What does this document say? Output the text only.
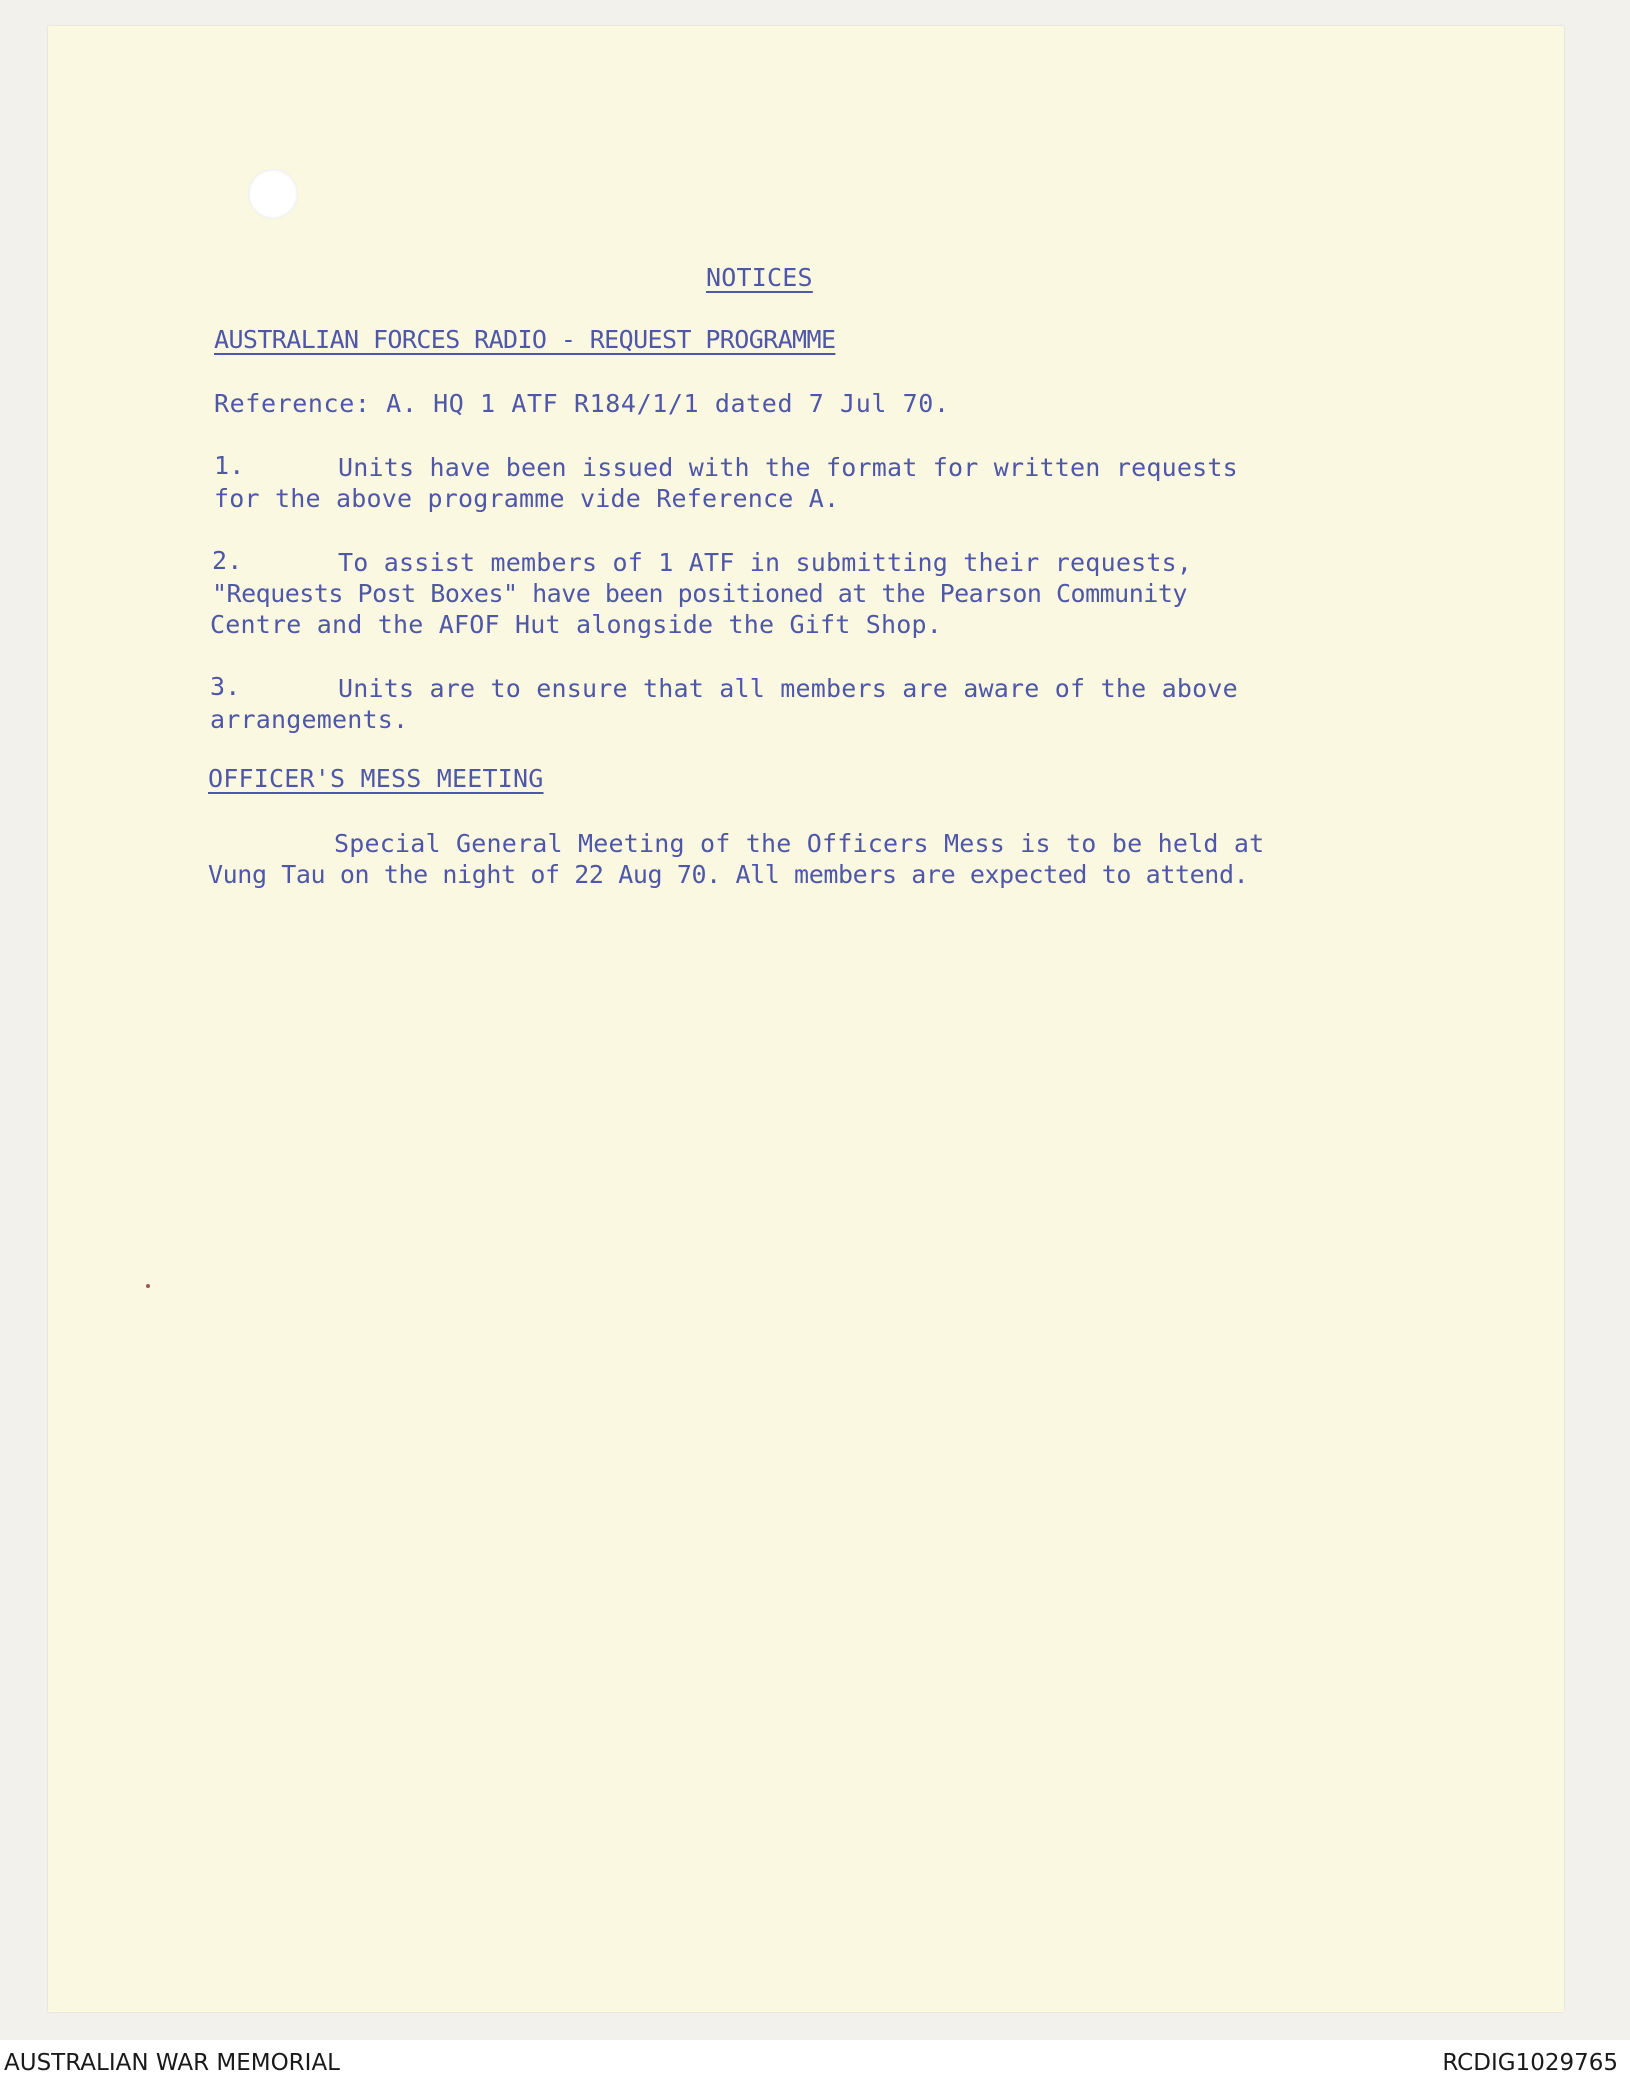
NOTICES
AUSTRALIAN FORCES RADIO - REQUEST PROGRAMME
Reference: A. HQ 1 ATF R184/1/1 dated 7 Jul 70.
1.	Units have been issued with the format for written requests
for the above programme vide Reference A.
2.	To assist members of 1 ATF in submitting their requests,
"Requests Post Boxes" have been positioned at the Pearson Community
Centre and the AFOF Hut alongside the Gift Shop.
3.	Units are to ensure that all members are aware of the above
arrangements.
OFFICER'S MESS MEETING
Special General Meeting of the Officers Mess is to be held at
Vung Tau on the night of 22 Aug 70. All members are expected to attend.
AUSTRALIAN WAR MEMORIAL	RCDIG1029765
